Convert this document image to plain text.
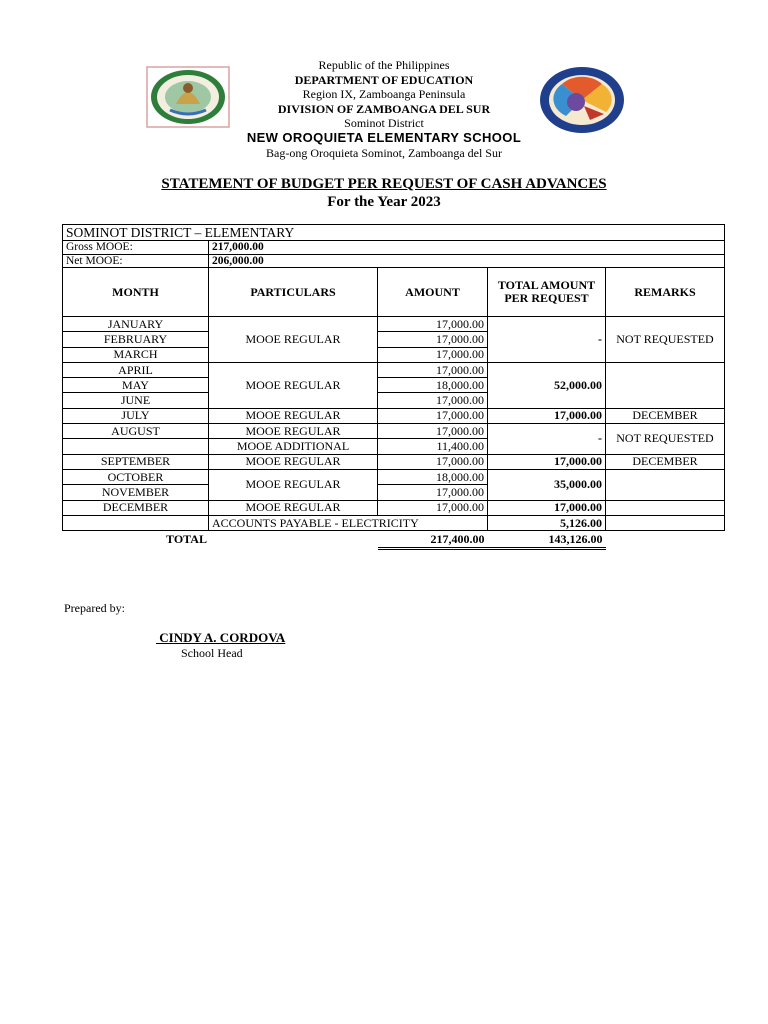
Republic of the Philippines
DEPARTMENT OF EDUCATION
Region IX, Zamboanga Peninsula
DIVISION OF ZAMBOANGA DEL SUR
Sominot District
NEW OROQUIETA ELEMENTARY SCHOOL
Bag-ong Oroquieta Sominot, Zamboanga del Sur
STATEMENT OF BUDGET PER REQUEST OF CASH ADVANCES
For the Year 2023
SOMINOT DISTRICT – ELEMENTARY				
Gross MOOE:	217,000.00			
Net MOOE:	206,000.00			
MONTH	PARTICULARS	AMOUNT	TOTAL AMOUNT PER REQUEST	REMARKS
JANUARY	MOOE REGULAR	17,000.00	-	NOT REQUESTED
FEBRUARY		17,000.00		
MARCH		17,000.00		
APRIL	MOOE REGULAR	17,000.00	52,000.00	
MAY		18,000.00		
JUNE		17,000.00		
JULY	MOOE REGULAR	17,000.00	17,000.00	DECEMBER
AUGUST	MOOE REGULAR	17,000.00	-	NOT REQUESTED
	MOOE ADDITIONAL	11,400.00		
SEPTEMBER	MOOE REGULAR	17,000.00	17,000.00	DECEMBER
OCTOBER	MOOE REGULAR	18,000.00	35,000.00	
NOVEMBER		17,000.00		
DECEMBER	MOOE REGULAR	17,000.00	17,000.00	
	ACCOUNTS PAYABLE - ELECTRICITY		5,126.00	
TOTAL		217,400.00	143,126.00	
Prepared by:
CINDY A. CORDOVA
School Head
